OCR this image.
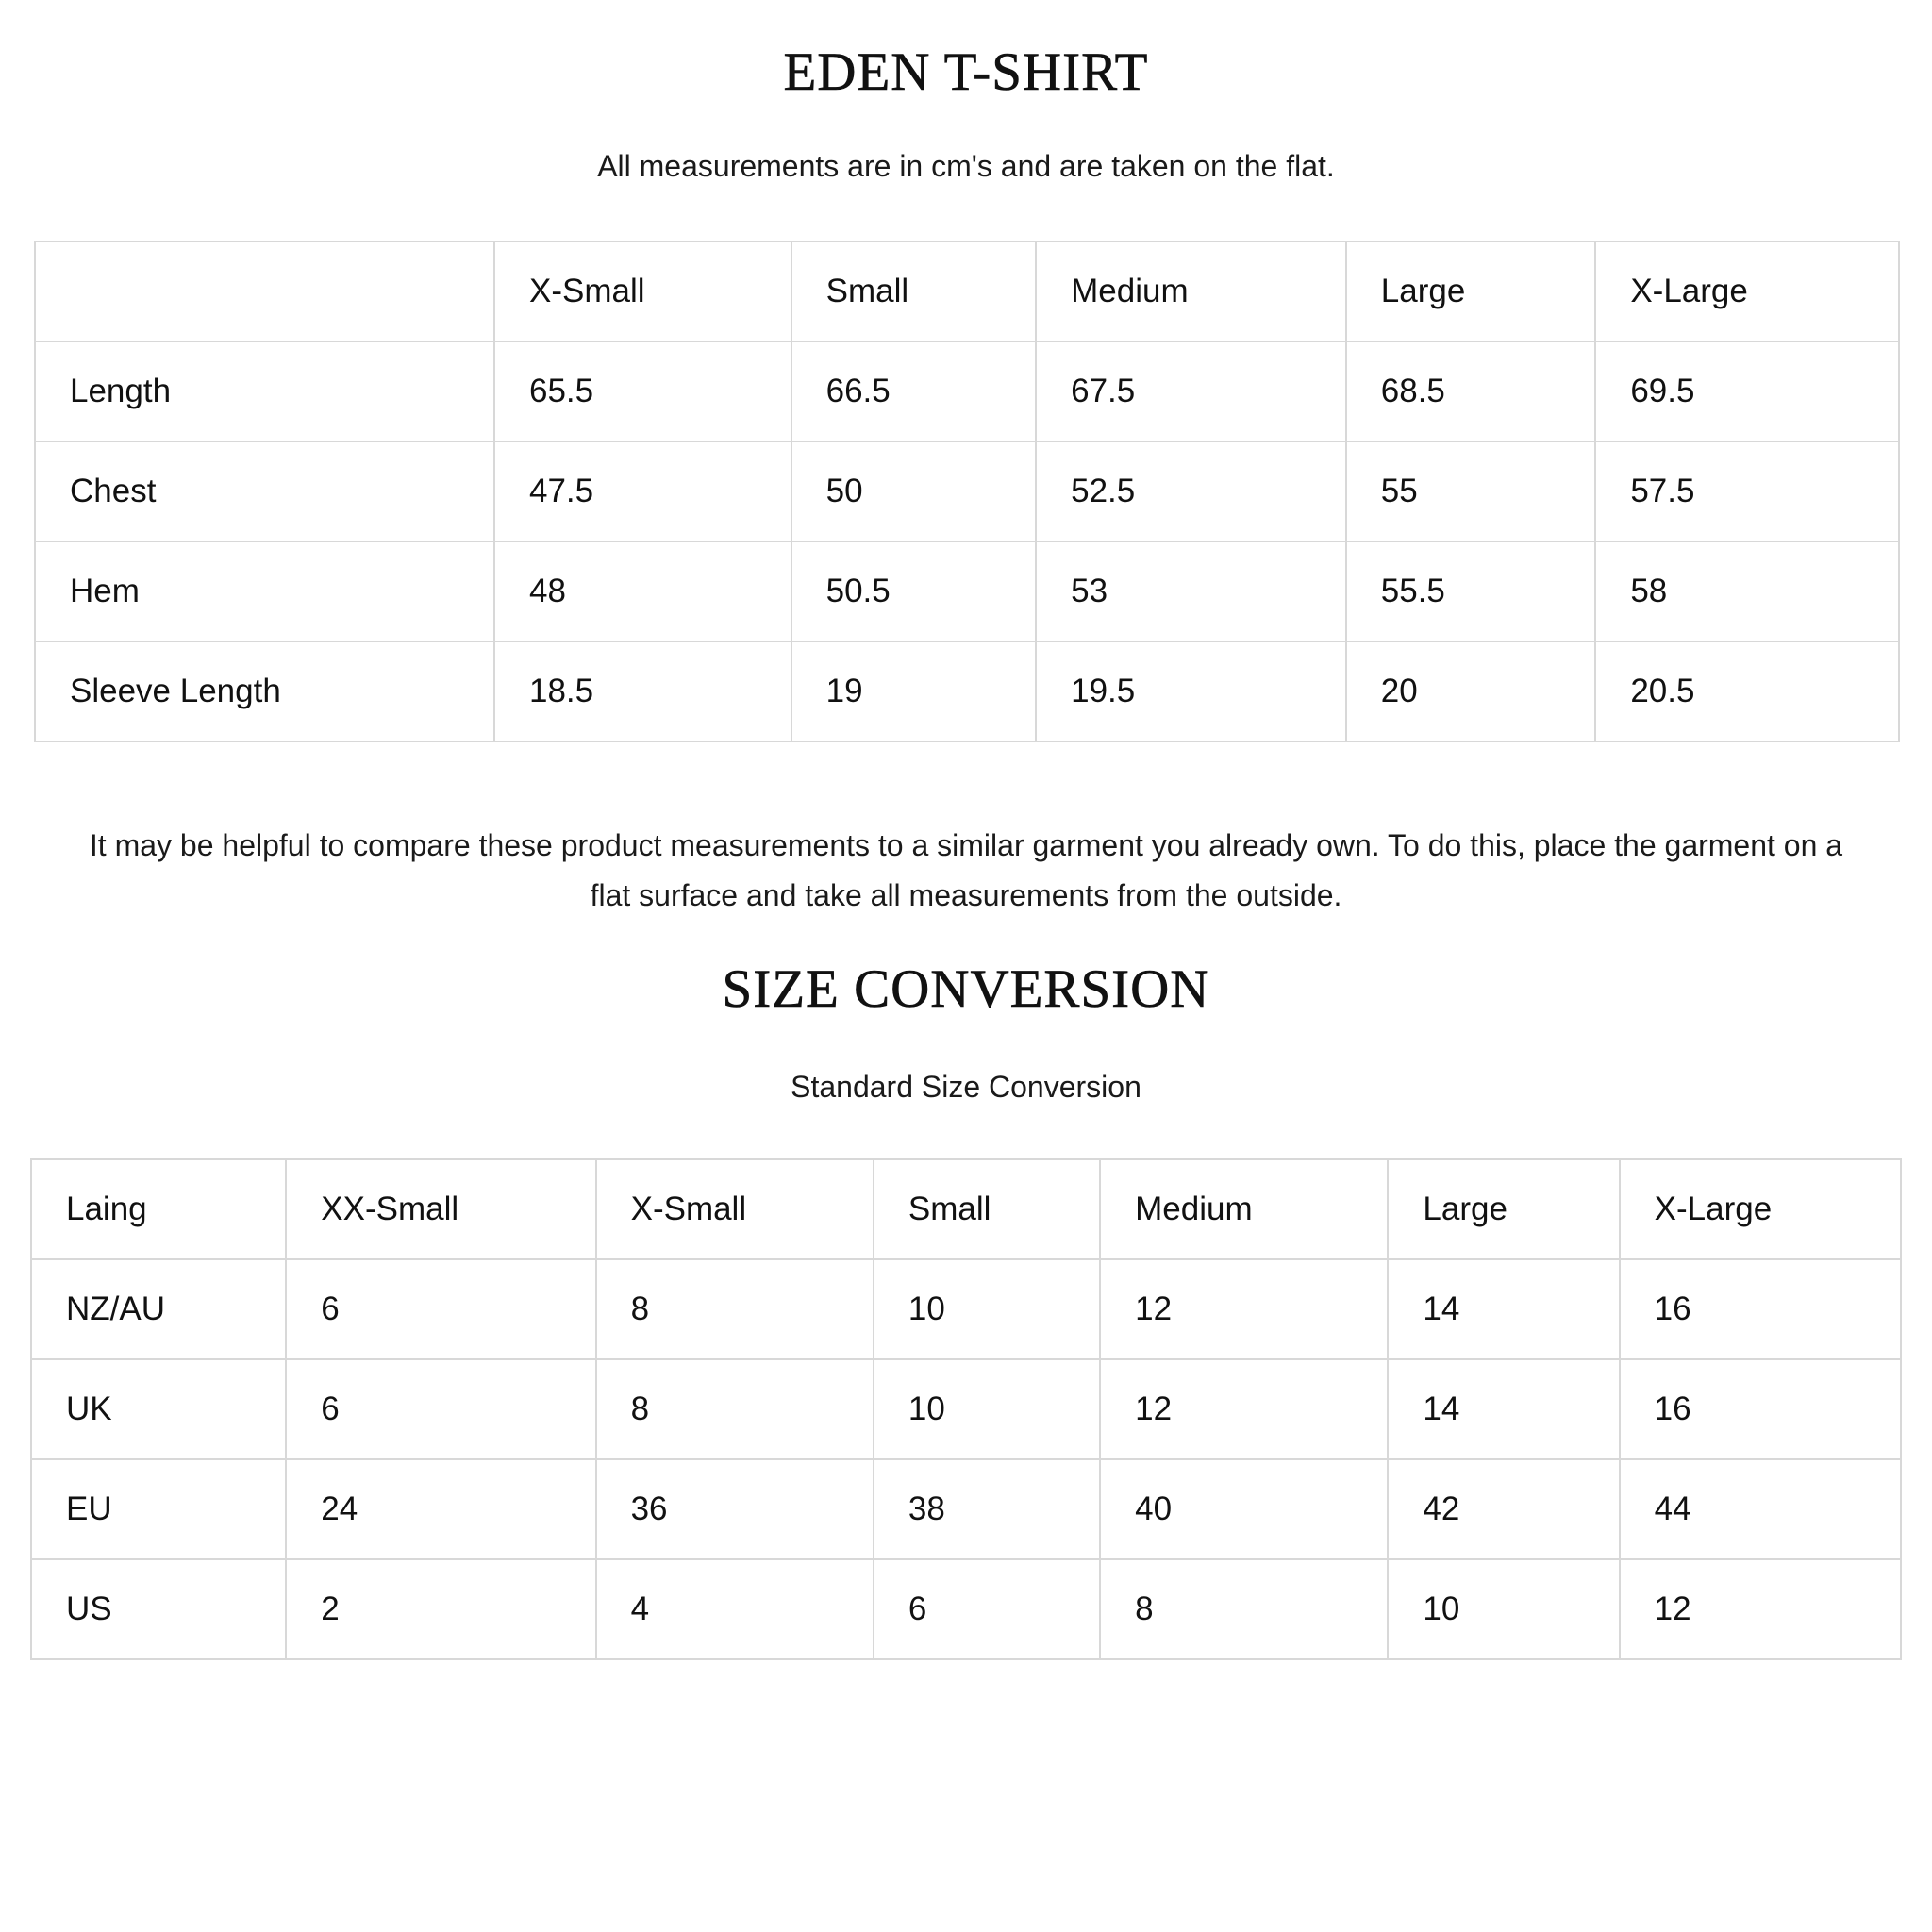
EDEN T-SHIRT

All measurements are in cm's and are taken on the flat.

	X-Small	Small	Medium	Large	X-Large
Length	65.5	66.5	67.5	68.5	69.5
Chest	47.5	50	52.5	55	57.5
Hem	48	50.5	53	55.5	58
Sleeve Length	18.5	19	19.5	20	20.5

It may be helpful to compare these product measurements to a similar garment you already own. To do this, place the garment on a flat surface and take all measurements from the outside.

SIZE CONVERSION

Standard Size Conversion

Laing	XX-Small	X-Small	Small	Medium	Large	X-Large
NZ/AU	6	8	10	12	14	16
UK	6	8	10	12	14	16
EU	24	36	38	40	42	44
US	2	4	6	8	10	12
